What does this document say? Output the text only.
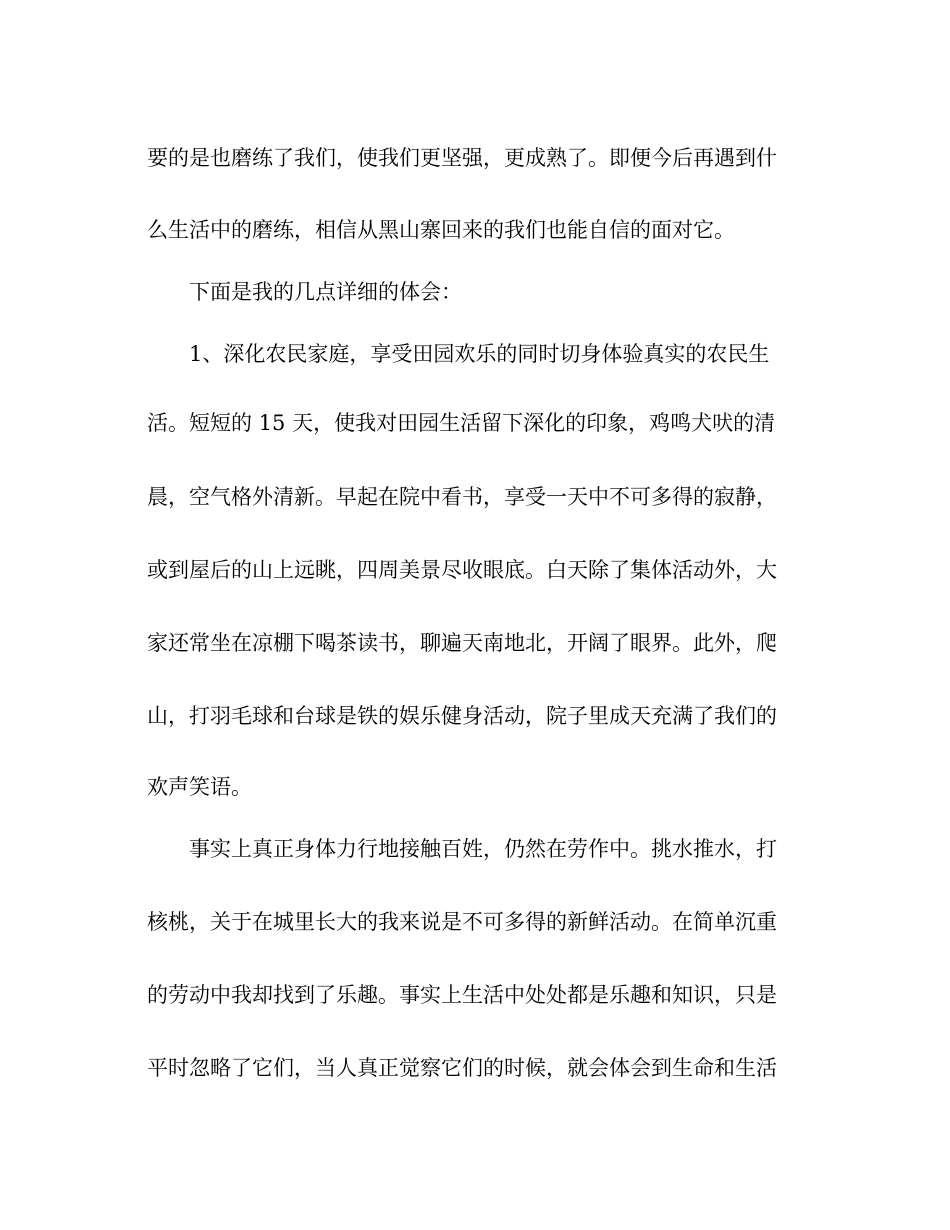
要的是也磨练了我们，使我们更坚强，更成熟了。即便今后再遇到什
么生活中的磨练，相信从黑山寨回来的我们也能自信的面对它。
下面是我的几点详细的体会：
1、深化农民家庭，享受田园欢乐的同时切身体验真实的农民生
活。短短的 15 天，使我对田园生活留下深化的印象，鸡鸣犬吠的清
晨，空气格外清新。早起在院中看书，享受一天中不可多得的寂静，
或到屋后的山上远眺，四周美景尽收眼底。白天除了集体活动外，大
家还常坐在凉棚下喝茶读书，聊遍天南地北，开阔了眼界。此外，爬
山，打羽毛球和台球是铁的娱乐健身活动，院子里成天充满了我们的
欢声笑语。
事实上真正身体力行地接触百姓，仍然在劳作中。挑水推水，打
核桃，关于在城里长大的我来说是不可多得的新鲜活动。在简单沉重
的劳动中我却找到了乐趣。事实上生活中处处都是乐趣和知识，只是
平时忽略了它们，当人真正觉察它们的时候，就会体会到生命和生活
